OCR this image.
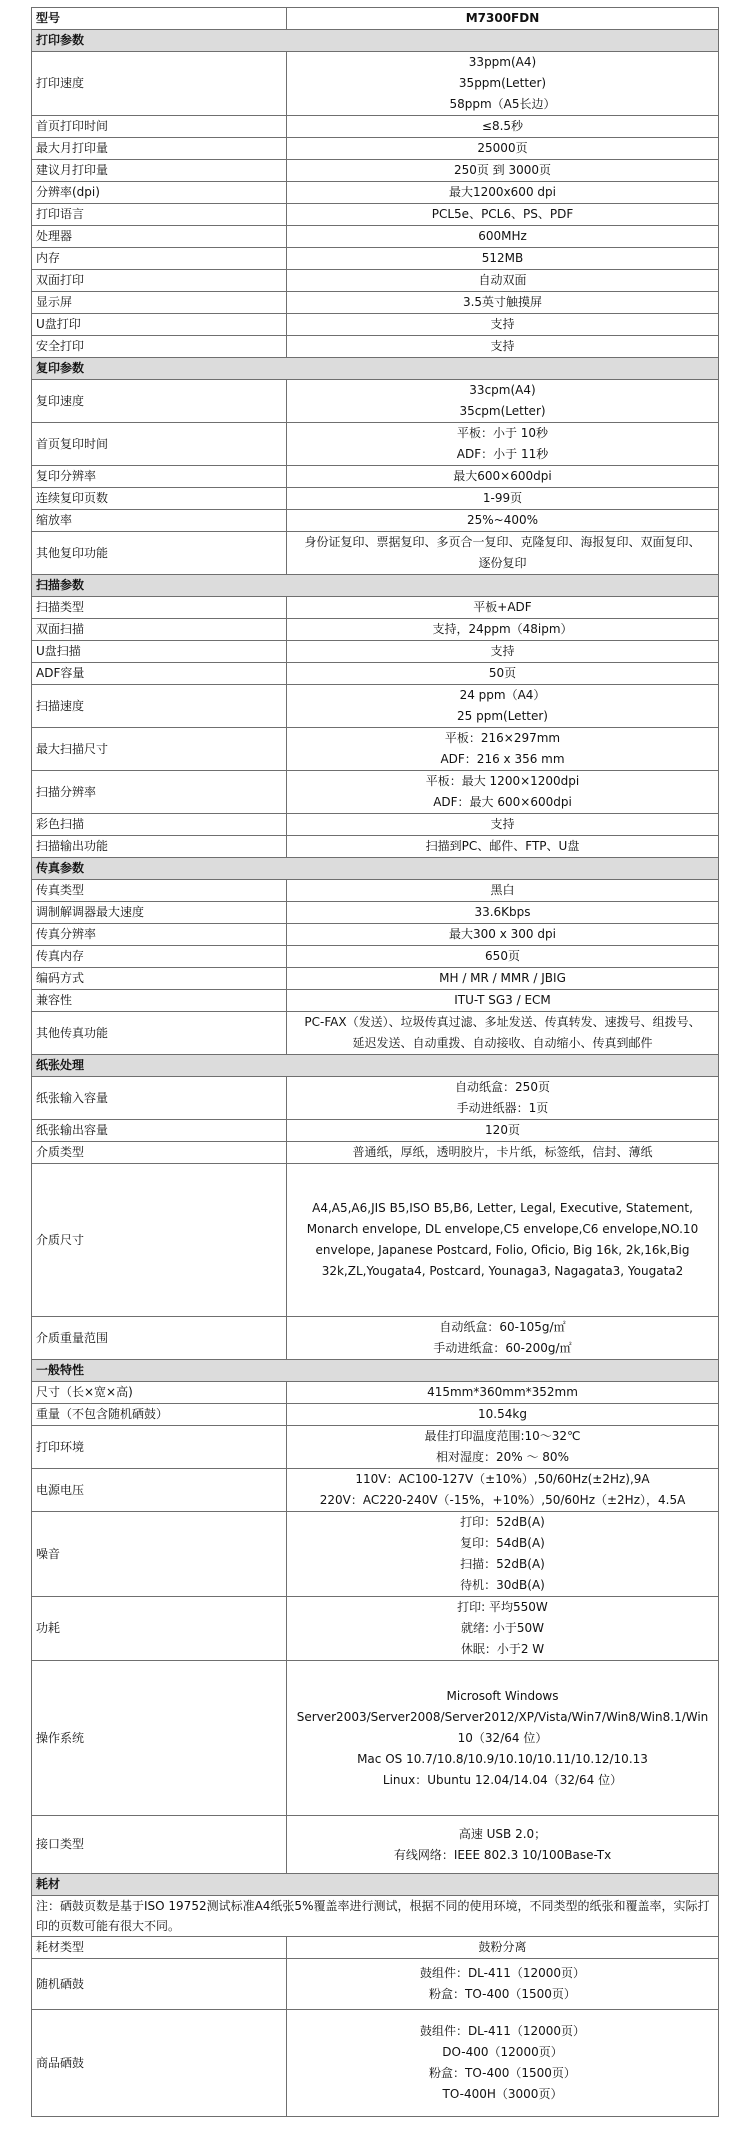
型号	M7300FDN

打印参数	
打印速度	33ppm(A4)
35ppm(Letter)
58ppm（A5长边）

首页打印时间	≤8.5秒

最大月打印量	25000页

建议月打印量	250页 到 3000页

分辨率(dpi)	最大1200x600 dpi

打印语言	PCL5e、PCL6、PS、PDF

处理器	600MHz

内存	512MB

双面打印	自动双面

显示屏	3.5英寸触摸屏

U盘打印	支持

安全打印	支持

复印参数	
复印速度	33cpm(A4)
35cpm(Letter)

首页复印时间	平板：小于 10秒
ADF：小于 11秒

复印分辨率	最大600×600dpi

连续复印页数	1-99页

缩放率	25%~400%

其他复印功能	身份证复印、票据复印、多页合一复印、克隆复印、海报复印、双面复印、
逐份复印

扫描参数	
扫描类型	平板+ADF

双面扫描	支持，24ppm（48ipm）

U盘扫描	支持

ADF容量	50页

扫描速度	24 ppm（A4）
25 ppm(Letter)

最大扫描尺寸	平板：216×297mm
ADF：216 x 356 mm

扫描分辨率	平板：最大 1200×1200dpi
ADF：最大 600×600dpi

彩色扫描	支持

扫描输出功能	扫描到PC、邮件、FTP、U盘

传真参数	
传真类型	黑白

调制解调器最大速度	33.6Kbps

传真分辨率	最大300 x 300 dpi

传真内存	650页

编码方式	MH / MR / MMR / JBIG

兼容性	ITU-T SG3 / ECM

其他传真功能	PC-FAX（发送）、垃圾传真过滤、多址发送、传真转发、速拨号、组拨号、
延迟发送、自动重拨、自动接收、自动缩小、传真到邮件

纸张处理	
纸张输入容量	自动纸盒：250页
手动进纸器：1页

纸张输出容量	120页

介质类型	普通纸，厚纸，透明胶片，卡片纸，标签纸，信封、薄纸

介质尺寸	A4,A5,A6,JIS B5,ISO B5,B6, Letter, Legal, Executive, Statement,
Monarch envelope, DL envelope,C5 envelope,C6 envelope,NO.10
envelope, Japanese Postcard, Folio, Oficio, Big 16k, 2k,16k,Big
32k,ZL,Yougata4, Postcard, Younaga3, Nagagata3, Yougata2

介质重量范围	自动纸盒：60-105g/㎡
手动进纸盒：60-200g/㎡

一般特性	
尺寸（长×宽×高)	415mm*360mm*352mm

重量（不包含随机硒鼓）	10.54kg

打印环境	最佳打印温度范围:10～32℃
相对湿度：20% ～ 80%

电源电压	110V：AC100-127V（±10%）,50/60Hz(±2Hz),9A
220V：AC220-240V（-15%，+10%）,50/60Hz（±2Hz），4.5A

噪音	打印：52dB(A)
复印：54dB(A)
扫描：52dB(A)
待机：30dB(A)

功耗	打印: 平均550W
就绪: 小于50W
休眠：小于2 W

操作系统	Microsoft Windows
Server2003/Server2008/Server2012/XP/Vista/Win7/Win8/Win8.1/Win
10（32/64 位）
Mac OS 10.7/10.8/10.9/10.10/10.11/10.12/10.13
Linux：Ubuntu 12.04/14.04（32/64 位）

接口类型	高速 USB 2.0；
有线网络：IEEE 802.3 10/100Base-Tx

耗材	
注：硒鼓页数是基于ISO 19752测试标准A4纸张5%覆盖率进行测试，根据不同的使用环境，不同类型的纸张和覆盖率，实际打印的页数可能有很大不同。	
耗材类型	鼓粉分离

随机硒鼓	鼓组件：DL-411（12000页）
粉盒：TO-400（1500页）

商品硒鼓	鼓组件：DL-411（12000页）
DO-400（12000页）
粉盒：TO-400（1500页）
TO-400H（3000页）
